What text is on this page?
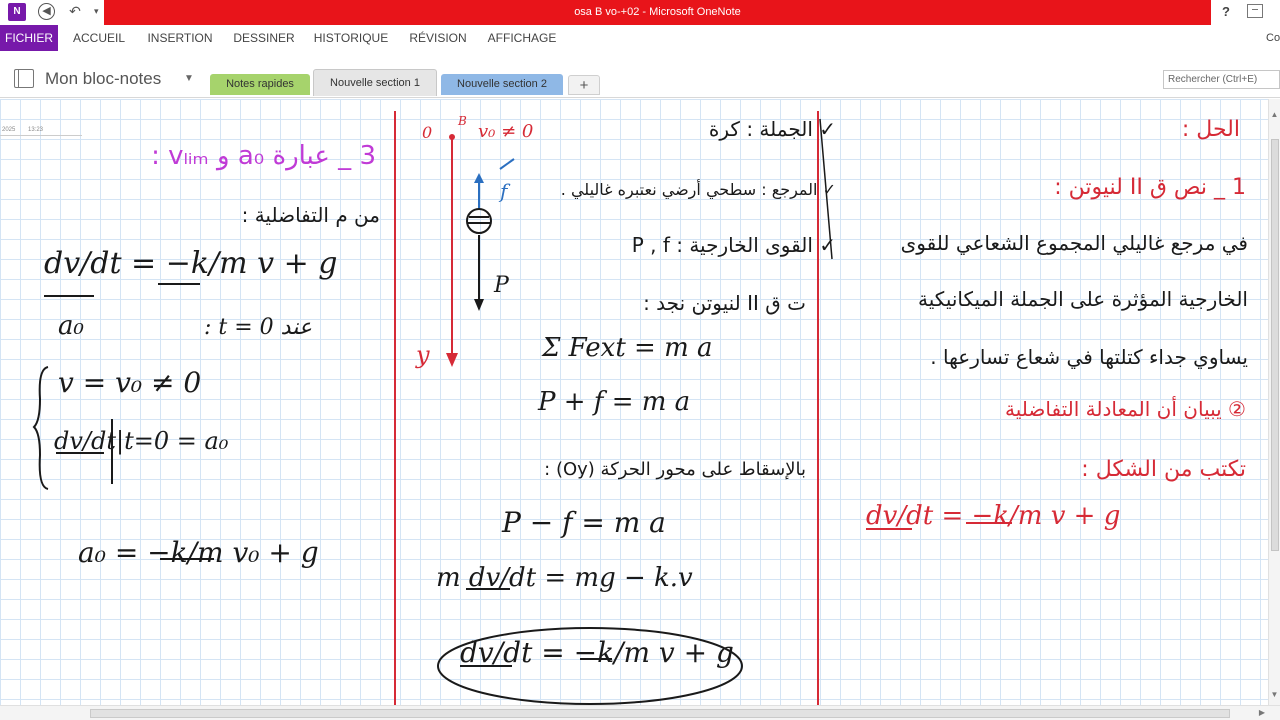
N	◀	↶	▾	osa B vo-+02 - Microsoft OneNote	?
FICHIER	ACCUEIL	INSERTION	DESSINER	HISTORIQUE	RÉVISION	AFFICHAGE	Co
Mon bloc-notes ▼	Notes rapides	Nouvelle section 1	Nouvelle section 2	+	Rechercher (Ctrl+E)
2025 13:23
3 _ عبارة a₀ و vₗᵢₘ :
من م التفاضلية :
dv/dt = −k/m v + g
a₀	: t = 0 عند
v = v₀ ≠ 0
dv/dt|t=0 = a₀
a₀ = −k/m v₀ + g
0
B v₀ ≠ 0
y
f
P
✓ الجملة : كرة
✓ المرجع : سطحي أرضي نعتبره غاليلي .
✓ القوى الخارجية : P , f
ت ق II لنيوتن نجد :
Σ Fext = m a
P + f = m a
بالإسقاط على محور الحركة (Oy) :
P − f = m a
m dv/dt = mg − k.v
dv/dt = −k/m v + g
الحل :
1 _ نص ق II لنيوتن :
في مرجع غاليلي المجموع الشعاعي للقوى
الخارجية المؤثرة على الجملة الميكانيكية
يساوي جداء كتلتها في شعاع تسارعها .
② يبيان أن المعادلة التفاضلية
تكتب من الشكل :
dv/dt = −k/m v + g
▲
▼
▶
